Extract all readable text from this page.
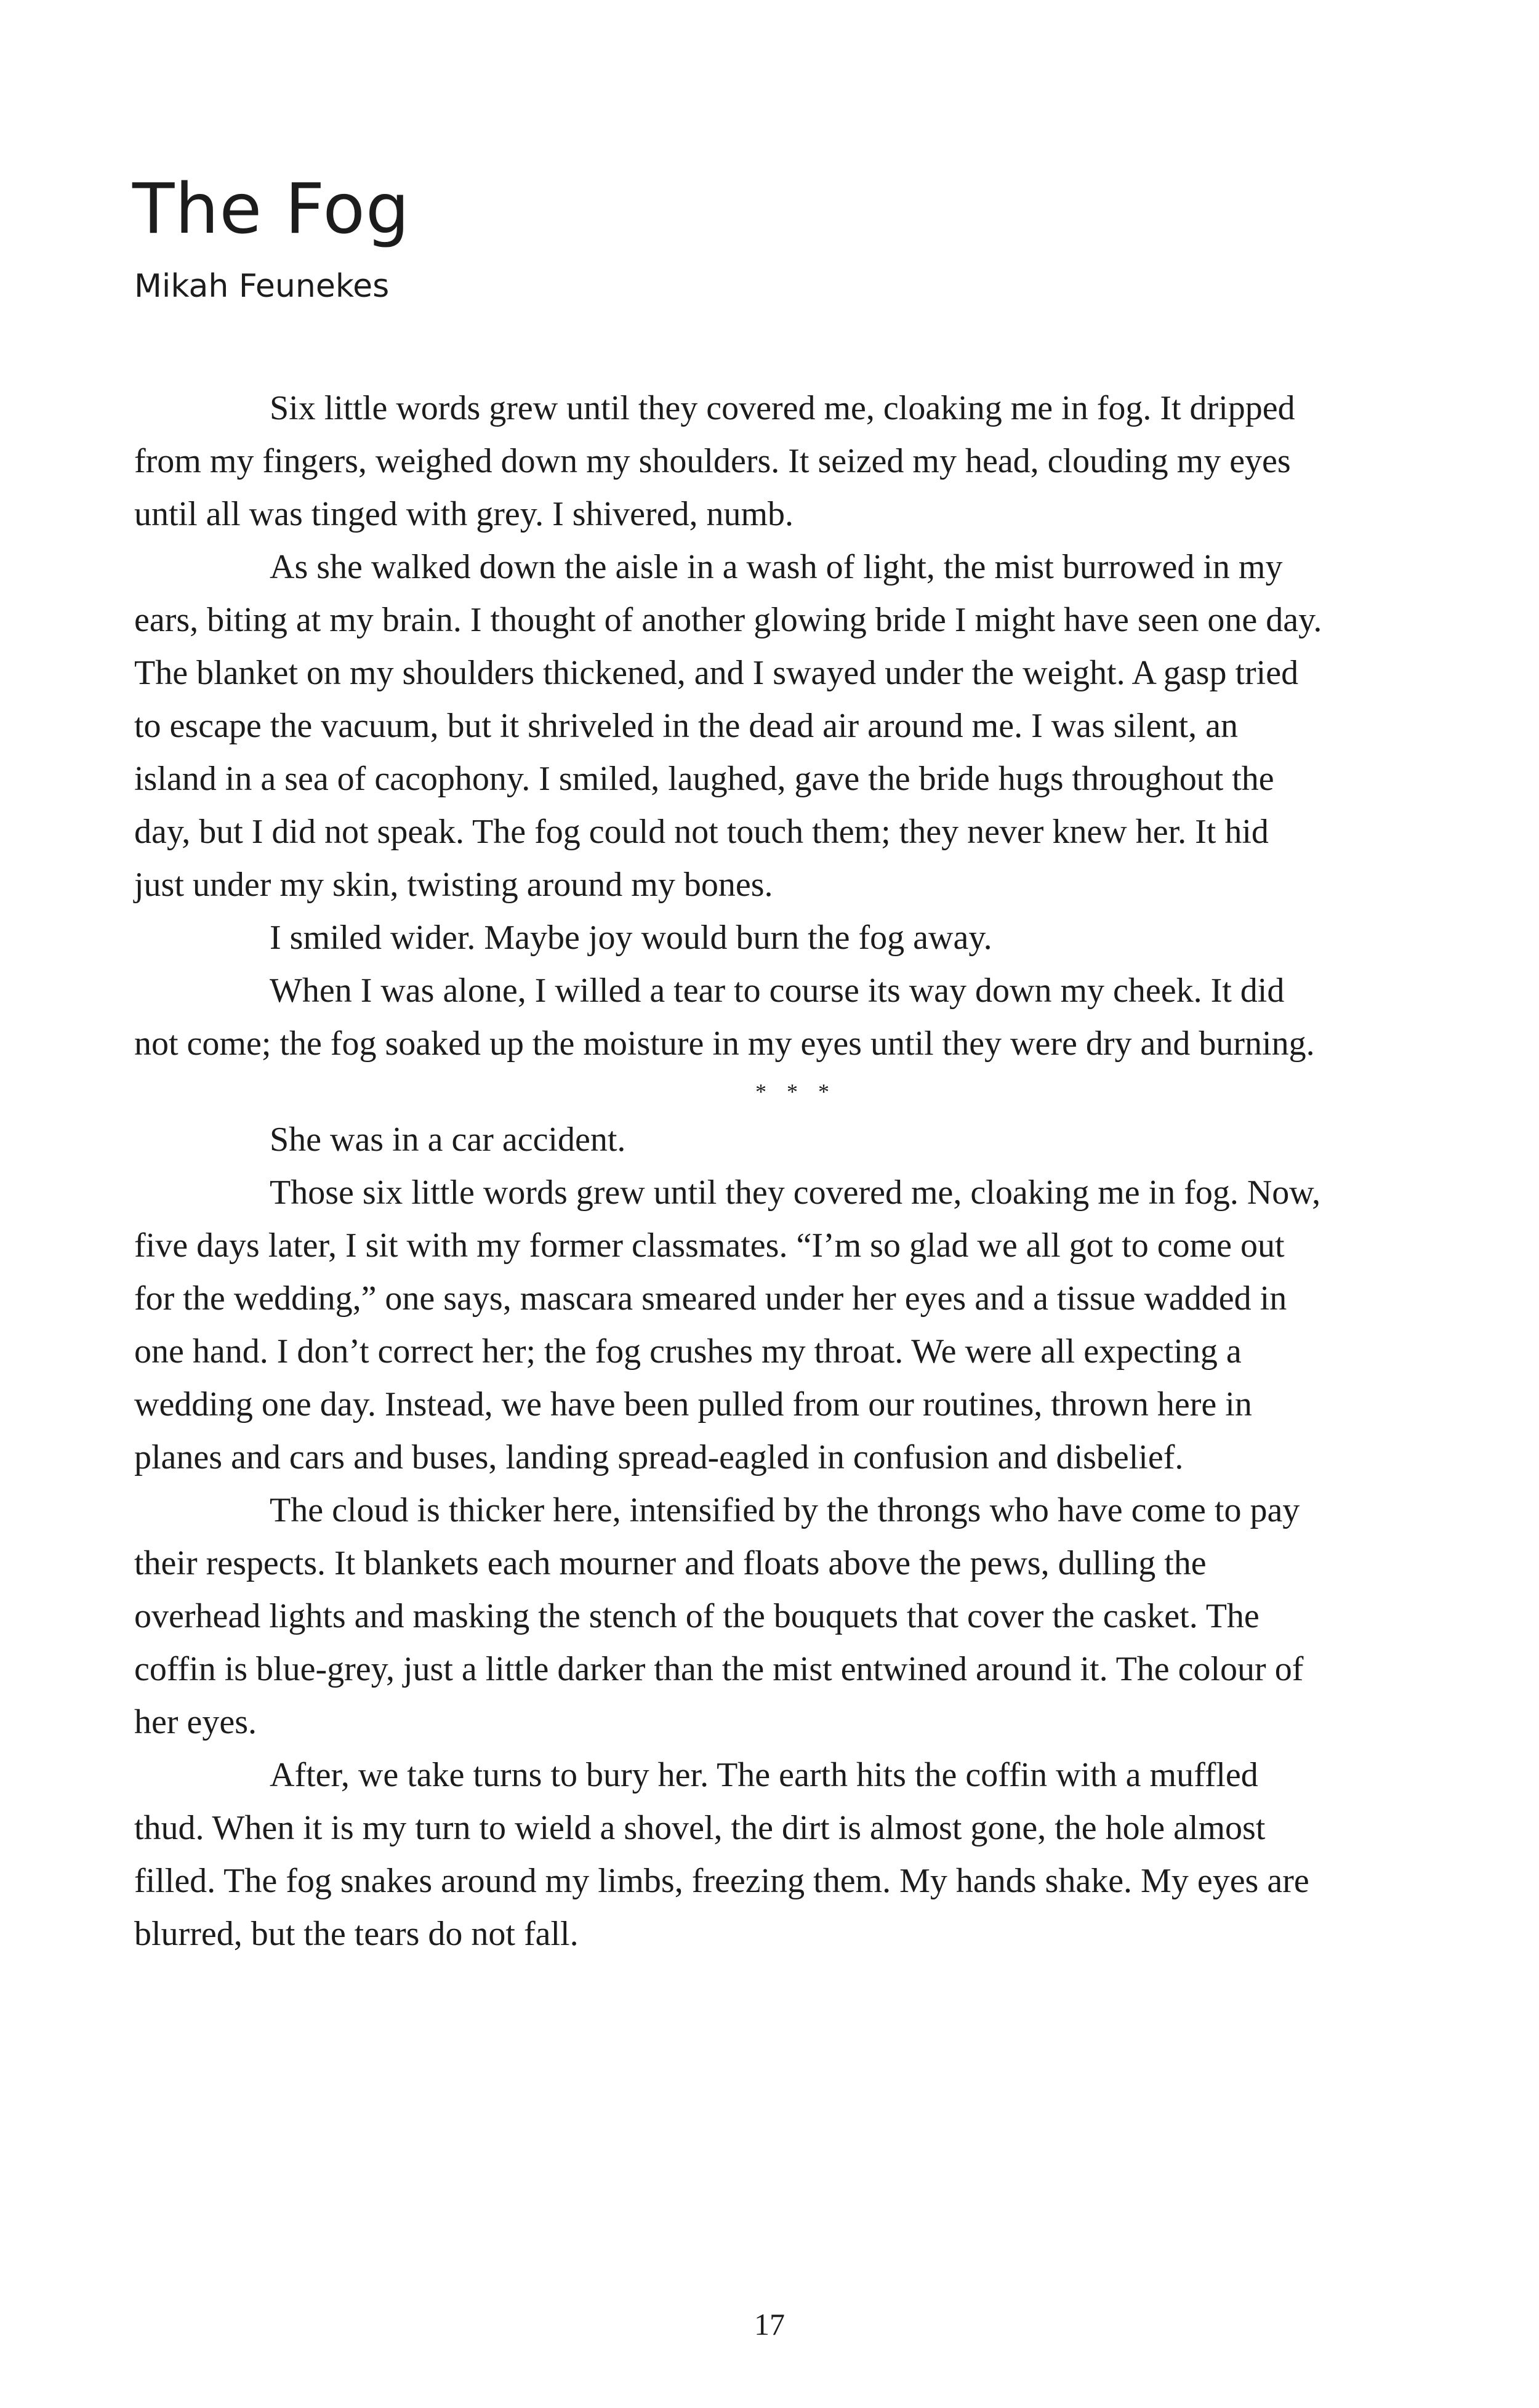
The Fog
Mikah Feunekes

Six little words grew until they covered me, cloaking me in fog. It dripped from my fingers, weighed down my shoulders. It seized my head, clouding my eyes until all was tinged with grey. I shivered, numb.

As she walked down the aisle in a wash of light, the mist burrowed in my ears, biting at my brain. I thought of another glowing bride I might have seen one day. The blanket on my shoulders thickened, and I swayed under the weight. A gasp tried to escape the vacuum, but it shriveled in the dead air around me. I was silent, an island in a sea of cacophony. I smiled, laughed, gave the bride hugs throughout the day, but I did not speak. The fog could not touch them; they never knew her. It hid just under my skin, twisting around my bones.

I smiled wider. Maybe joy would burn the fog away.

When I was alone, I willed a tear to course its way down my cheek. It did not come; the fog soaked up the moisture in my eyes until they were dry and burning.

* * *

She was in a car accident.

Those six little words grew until they covered me, cloaking me in fog. Now, five days later, I sit with my former classmates. “I’m so glad we all got to come out for the wedding,” one says, mascara smeared under her eyes and a tissue wadded in one hand. I don’t correct her; the fog crushes my throat. We were all expecting a wedding one day. Instead, we have been pulled from our routines, thrown here in planes and cars and buses, landing spread-eagled in confusion and disbelief.

The cloud is thicker here, intensified by the throngs who have come to pay their respects. It blankets each mourner and floats above the pews, dulling the overhead lights and masking the stench of the bouquets that cover the casket. The coffin is blue-grey, just a little darker than the mist entwined around it. The colour of her eyes.

After, we take turns to bury her. The earth hits the coffin with a muffled thud. When it is my turn to wield a shovel, the dirt is almost gone, the hole almost filled. The fog snakes around my limbs, freezing them. My hands shake. My eyes are blurred, but the tears do not fall.

17
